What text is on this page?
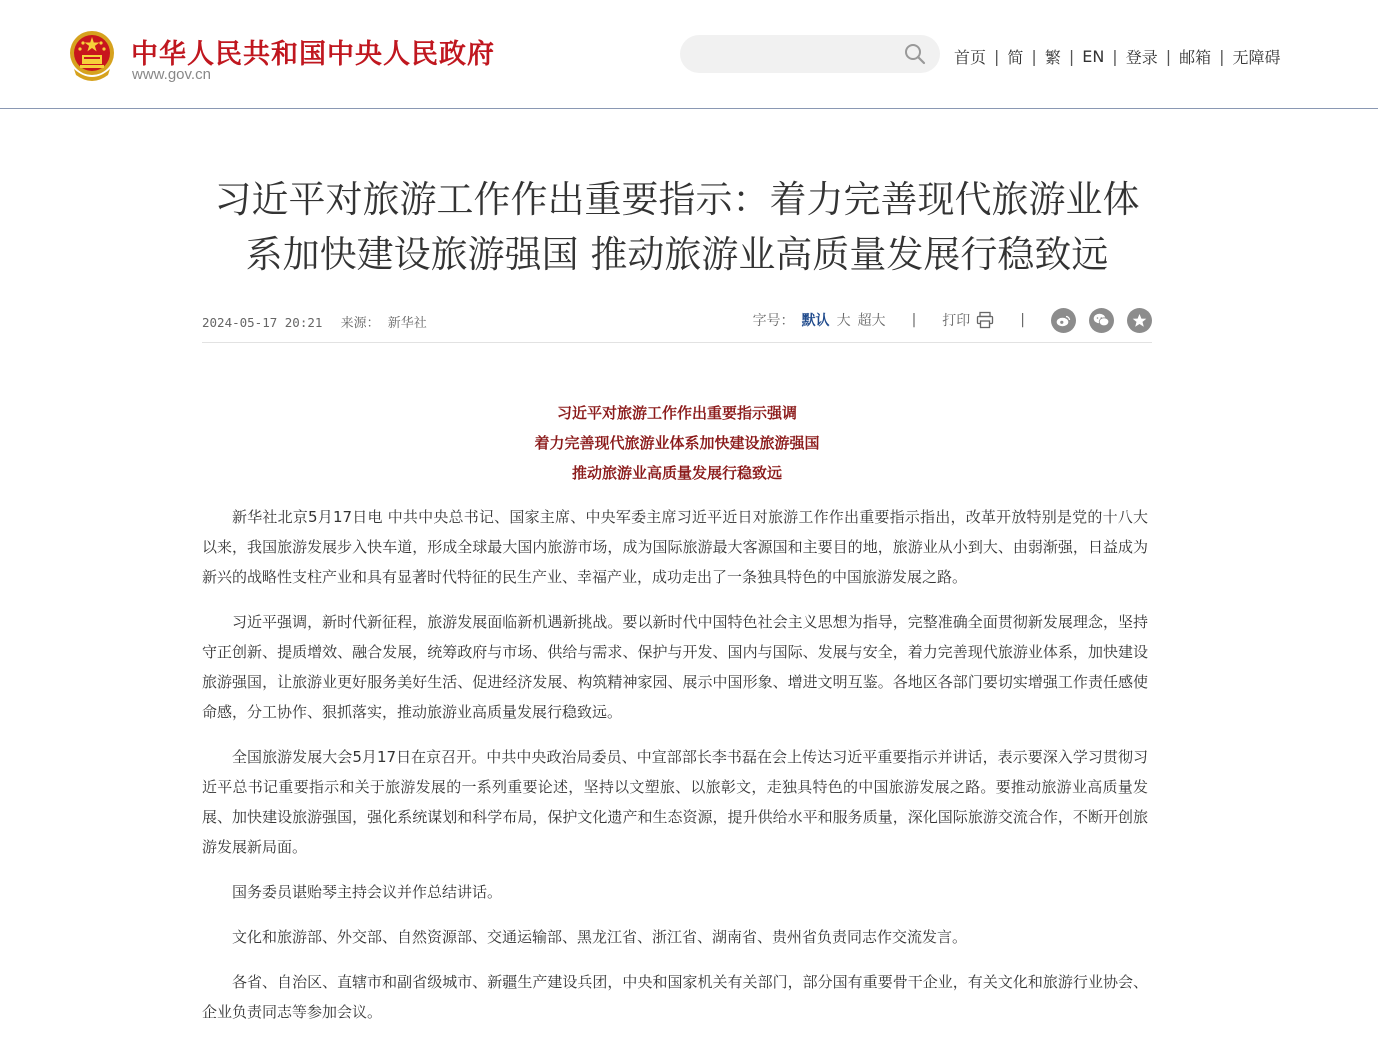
中华人民共和国中央人民政府
www.gov.cn
首页 | 简 | 繁 | EN | 登录 | 邮箱 | 无障碍
习近平对旅游工作作出重要指示：着力完善现代旅游业体
系加快建设旅游强国 推动旅游业高质量发展行稳致远
2024-05-17 20:21 来源： 新华社	字号： 默认 大 超大 | 打印	|
习近平对旅游工作作出重要指示强调
着力完善现代旅游业体系加快建设旅游强国
推动旅游业高质量发展行稳致远

新华社北京5月17日电 中共中央总书记、国家主席、中央军委主席习近平近日对旅游工作作出重要指示指出，改革开放特别是党的十八大以来，我国旅游发展步入快车道，形成全球最大国内旅游市场，成为国际旅游最大客源国和主要目的地，旅游业从小到大、由弱渐强，日益成为新兴的战略性支柱产业和具有显著时代特征的民生产业、幸福产业，成功走出了一条独具特色的中国旅游发展之路。

习近平强调，新时代新征程，旅游发展面临新机遇新挑战。要以新时代中国特色社会主义思想为指导，完整准确全面贯彻新发展理念，坚持守正创新、提质增效、融合发展，统筹政府与市场、供给与需求、保护与开发、国内与国际、发展与安全，着力完善现代旅游业体系，加快建设旅游强国，让旅游业更好服务美好生活、促进经济发展、构筑精神家园、展示中国形象、增进文明互鉴。各地区各部门要切实增强工作责任感使命感，分工协作、狠抓落实，推动旅游业高质量发展行稳致远。

全国旅游发展大会5月17日在京召开。中共中央政治局委员、中宣部部长李书磊在会上传达习近平重要指示并讲话，表示要深入学习贯彻习近平总书记重要指示和关于旅游发展的一系列重要论述，坚持以文塑旅、以旅彰文，走独具特色的中国旅游发展之路。要推动旅游业高质量发展、加快建设旅游强国，强化系统谋划和科学布局，保护文化遗产和生态资源，提升供给水平和服务质量，深化国际旅游交流合作，不断开创旅游发展新局面。

国务委员谌贻琴主持会议并作总结讲话。

文化和旅游部、外交部、自然资源部、交通运输部、黑龙江省、浙江省、湖南省、贵州省负责同志作交流发言。

各省、自治区、直辖市和副省级城市、新疆生产建设兵团，中央和国家机关有关部门，部分国有重要骨干企业，有关文化和旅游行业协会、企业负责同志等参加会议。
